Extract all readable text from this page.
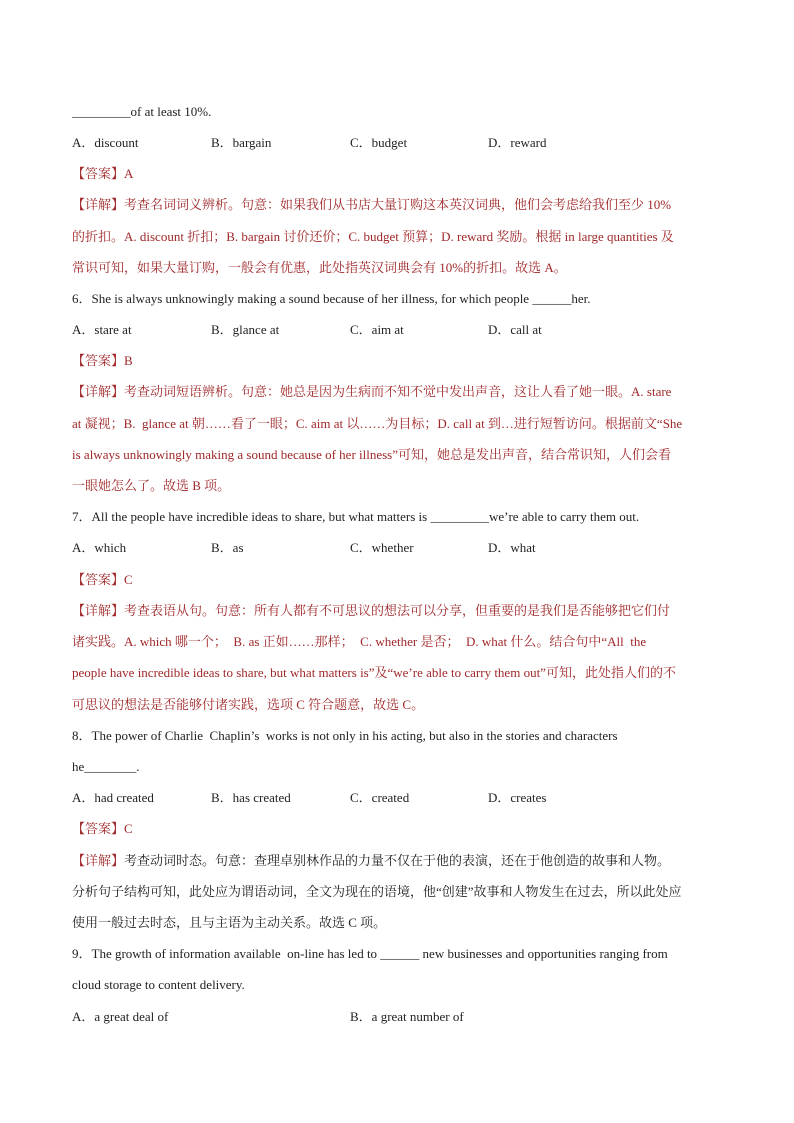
_________of at least 10%.
A．discount	B．bargain	C．budget	D．reward
【答案】A
【详解】考查名词词义辨析。句意：如果我们从书店大量订购这本英汉词典，他们会考虑给我们至少 10%
的折扣。A. discount 折扣；B. bargain 讨价还价；C. budget 预算；D. reward 奖励。根据 in large quantities 及
常识可知，如果大量订购，一般会有优惠，此处指英汉词典会有 10%的折扣。故选 A。
6．She is always unknowingly making a sound because of her illness, for which people ______her.
A．stare at	B．glance at	C．aim at	D．call at
【答案】B
【详解】考查动词短语辨析。句意：她总是因为生病而不知不觉中发出声音，这让人看了她一眼。A. stare
at 凝视；B.  glance at 朝……看了一眼；C. aim at 以……为目标；D. call at 到…进行短暂访问。根据前文“She
is always unknowingly making a sound because of her illness”可知，她总是发出声音，结合常识知，人们会看
一眼她怎么了。故选 B 项。
7．All the people have incredible ideas to share, but what matters is _________we’re able to carry them out.
A．which	B．as	C．whether	D．what
【答案】C
【详解】考查表语从句。句意：所有人都有不可思议的想法可以分享，但重要的是我们是否能够把它们付
诸实践。A. which 哪一个；  B. as 正如……那样；  C. whether 是否；  D. what 什么。结合句中“All  the
people have incredible ideas to share, but what matters is”及“we’re able to carry them out”可知，此处指人们的不
可思议的想法是否能够付诸实践，选项 C 符合题意，故选 C。
8．The power of Charlie  Chaplin’s  works is not only in his acting, but also in the stories and characters
he________.
A．had created	B．has created	C．created	D．creates
【答案】C
【详解】考查动词时态。句意：查理卓别林作品的力量不仅在于他的表演，还在于他创造的故事和人物。
分析句子结构可知，此处应为谓语动词，全文为现在的语境，他“创建”故事和人物发生在过去，所以此处应
使用一般过去时态，且与主语为主动关系。故选 C 项。
9．The growth of information available  on-line has led to ______ new businesses and opportunities ranging from
cloud storage to content delivery.
A．a great deal of	B．a great number of
